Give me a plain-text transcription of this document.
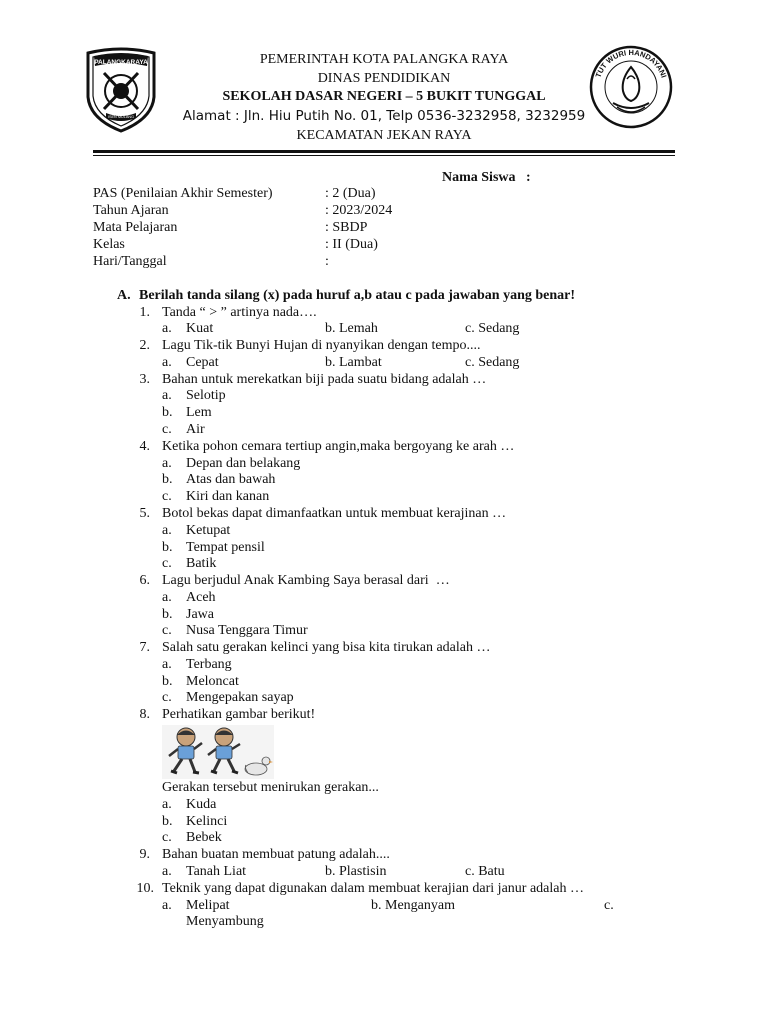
PALANGKARAYA
ISEN MULANG
TUT WURI HANDAYANI
PEMERINTAH KOTA PALANGKA RAYA
DINAS PENDIDIKAN
SEKOLAH DASAR NEGERI – 5 BUKIT TUNGGAL
Alamat : Jln. Hiu Putih No. 01, Telp 0536-3232958, 3232959
KECAMATAN JEKAN RAYA
Nama Siswa   :
PAS (Penilaian Akhir Semester)	: 2 (Dua)
Tahun Ajaran	: 2023/2024
Mata Pelajaran	: SBDP
Kelas	: II (Dua)
Hari/Tanggal	:
A. Berilah tanda silang (x) pada huruf a,b atau c pada jawaban yang benar!
1. Tanda “ > ” artinya nada….
a. Kuat	b. Lemah	c. Sedang
2. Lagu Tik-tik Bunyi Hujan di nyanyikan dengan tempo....
a. Cepat	b. Lambat	c. Sedang
3. Bahan untuk merekatkan biji pada suatu bidang adalah …
a. Selotip
b. Lem
c. Air
4. Ketika pohon cemara tertiup angin,maka bergoyang ke arah …
a. Depan dan belakang
b. Atas dan bawah
c. Kiri dan kanan
5. Botol bekas dapat dimanfaatkan untuk membuat kerajinan …
a. Ketupat
b. Tempat pensil
c. Batik
6. Lagu berjudul Anak Kambing Saya berasal dari  …
a. Aceh
b. Jawa
c. Nusa Tenggara Timur
7. Salah satu gerakan kelinci yang bisa kita tirukan adalah …
a. Terbang
b. Meloncat
c. Mengepakan sayap
8. Perhatikan gambar berikut!
Gerakan tersebut menirukan gerakan...
a. Kuda
b. Kelinci
c. Bebek
9. Bahan buatan membuat patung adalah....
a. Tanah Liat	b. Plastisin	c. Batu
10. Teknik yang dapat digunakan dalam membuat kerajian dari janur adalah …
a. Melipat	b. Menganyam	c.
Menyambung
